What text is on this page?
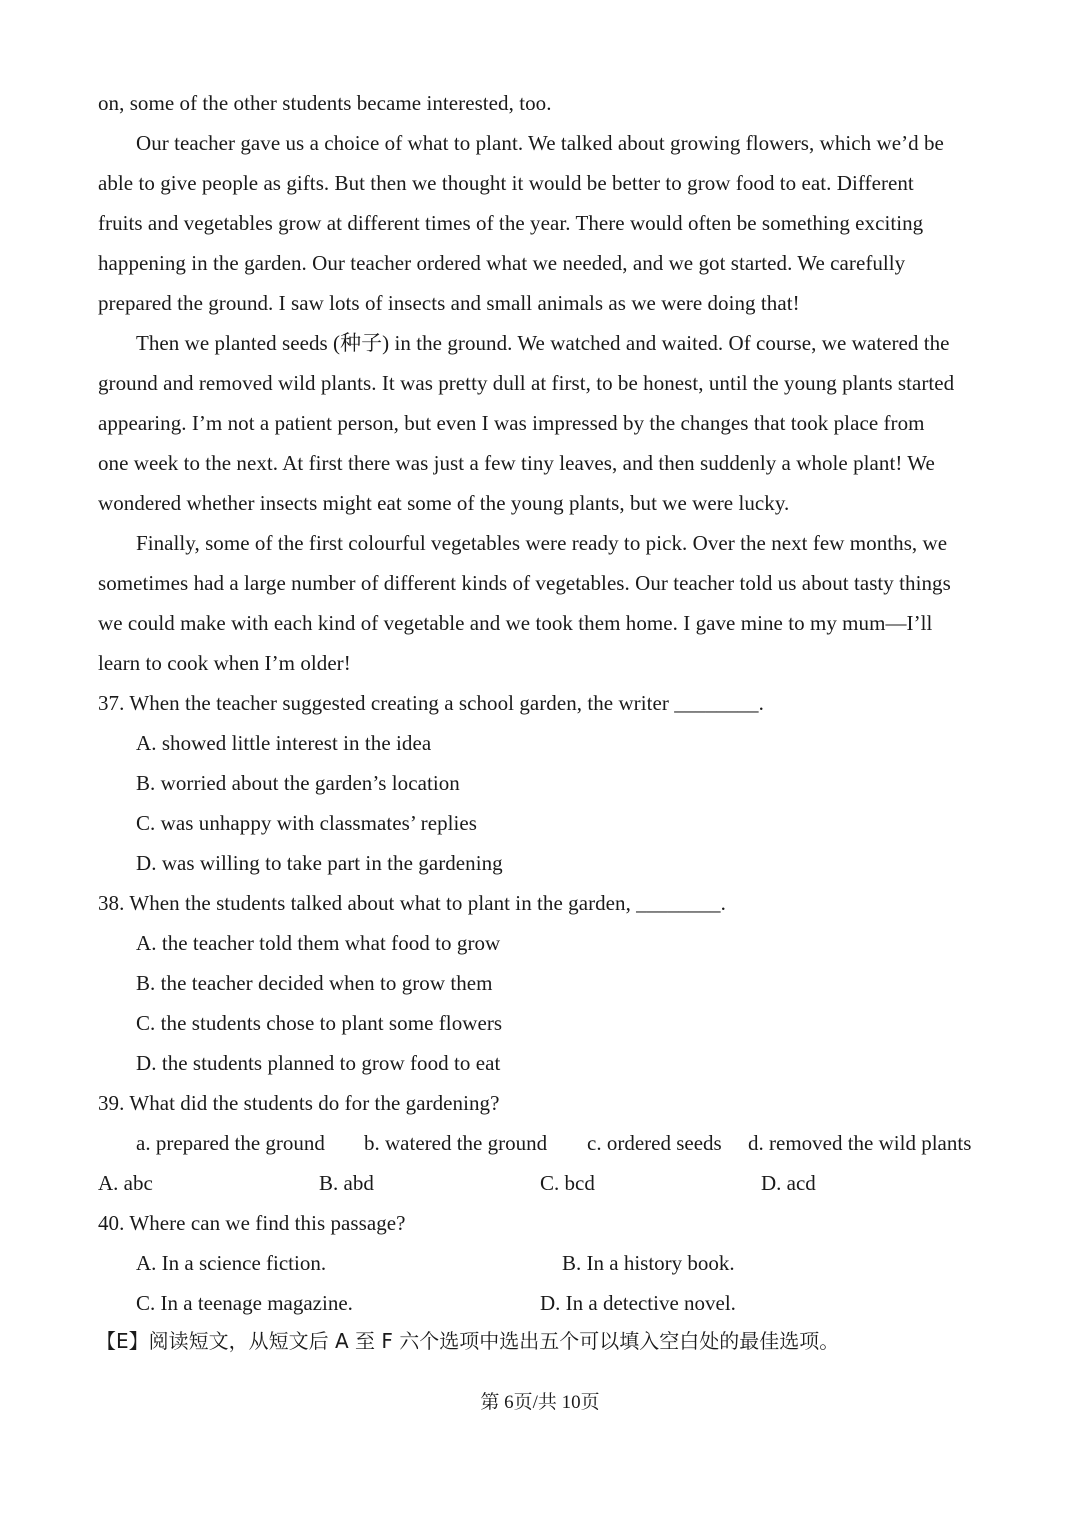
on, some of the other students became interested, too.
Our teacher gave us a choice of what to plant. We talked about growing flowers, which we’d be
able to give people as gifts. But then we thought it would be better to grow food to eat. Different
fruits and vegetables grow at different times of the year. There would often be something exciting
happening in the garden. Our teacher ordered what we needed, and we got started. We carefully
prepared the ground. I saw lots of insects and small animals as we were doing that!
Then we planted seeds (种子) in the ground. We watched and waited. Of course, we watered the
ground and removed wild plants. It was pretty dull at first, to be honest, until the young plants started
appearing. I’m not a patient person, but even I was impressed by the changes that took place from
one week to the next. At first there was just a few tiny leaves, and then suddenly a whole plant! We
wondered whether insects might eat some of the young plants, but we were lucky.
Finally, some of the first colourful vegetables were ready to pick. Over the next few months, we
sometimes had a large number of different kinds of vegetables. Our teacher told us about tasty things
we could make with each kind of vegetable and we took them home. I gave mine to my mum—I’ll
learn to cook when I’m older!
37. When the teacher suggested creating a school garden, the writer ________.
A. showed little interest in the idea
B. worried about the garden’s location
C. was unhappy with classmates’ replies
D. was willing to take part in the gardening
38. When the students talked about what to plant in the garden, ________.
A. the teacher told them what food to grow
B. the teacher decided when to grow them
C. the students chose to plant some flowers
D. the students planned to grow food to eat
39. What did the students do for the gardening?
a. prepared the ground b. watered the ground c. ordered seeds d. removed the wild plants
A. abc	B. abd	C. bcd	D. acd
40. Where can we find this passage?
A. In a science fiction.	B. In a history book.
C. In a teenage magazine.	D. In a detective novel.
【E】阅读短文，从短文后 A 至 F 六个选项中选出五个可以填入空白处的最佳选项。
第 6页/共 10页
